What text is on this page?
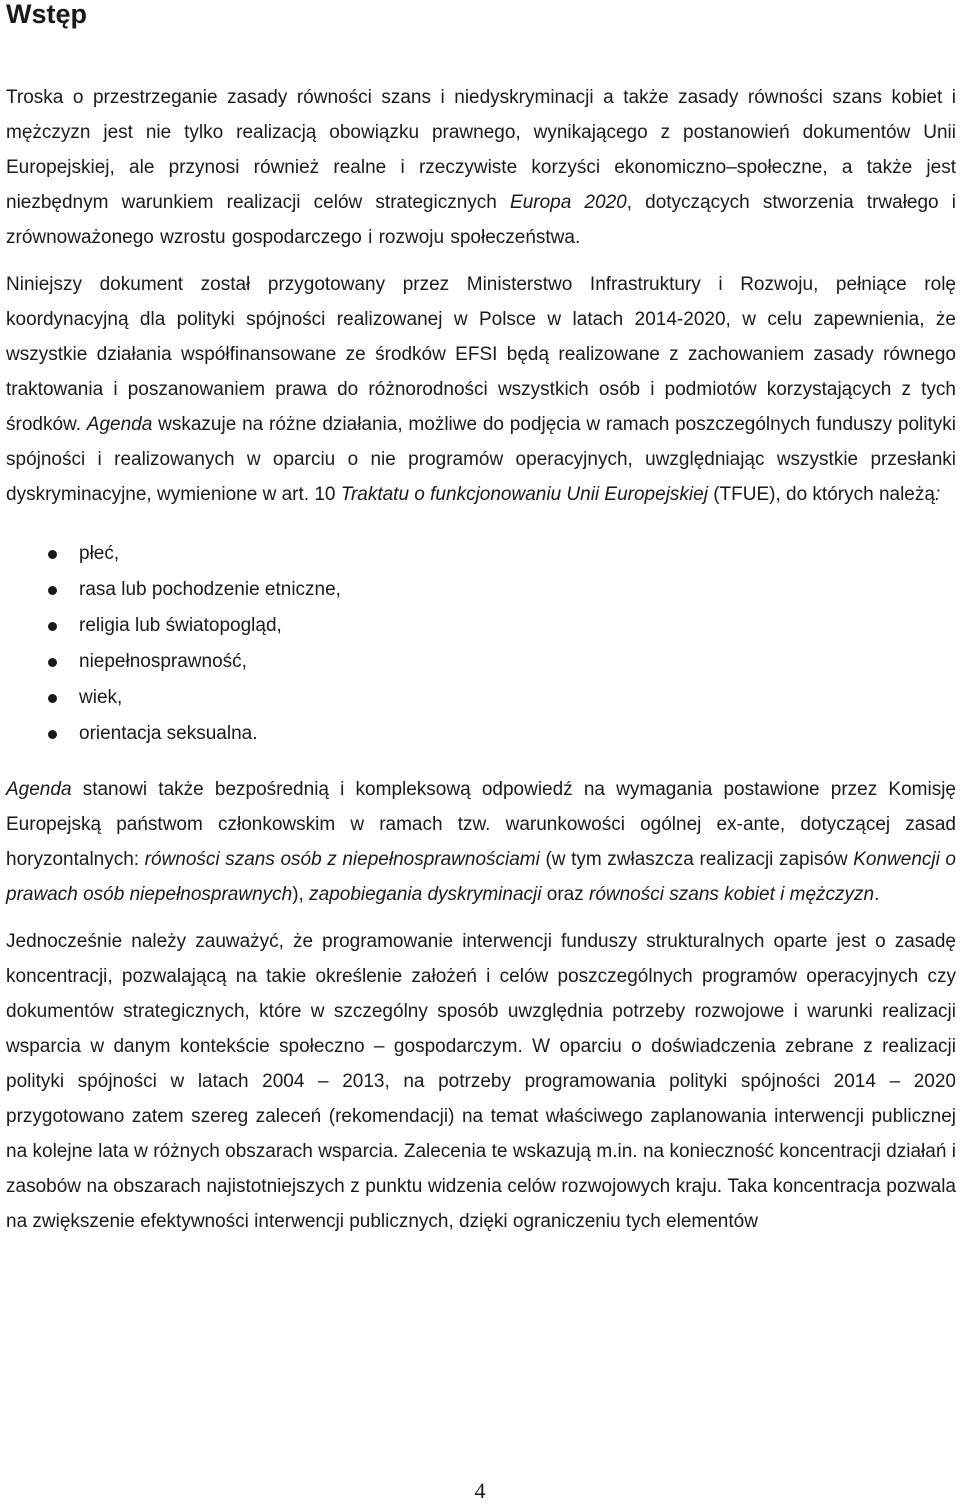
Wstęp

Troska o przestrzeganie zasady równości szans i niedyskryminacji a także zasady równości szans kobiet i mężczyzn jest nie tylko realizacją obowiązku prawnego, wynikającego z postanowień dokumentów Unii Europejskiej, ale przynosi również realne i rzeczywiste korzyści ekonomiczno–społeczne, a także jest niezbędnym warunkiem realizacji celów strategicznych Europa 2020, dotyczących stworzenia trwałego i zrównoważonego wzrostu gospodarczego i rozwoju społeczeństwa.

Niniejszy dokument został przygotowany przez Ministerstwo Infrastruktury i Rozwoju, pełniące rolę koordynacyjną dla polityki spójności realizowanej w Polsce w latach 2014-2020, w celu zapewnienia, że wszystkie działania współfinansowane ze środków EFSI będą realizowane z zachowaniem zasady równego traktowania i poszanowaniem prawa do różnorodności wszystkich osób i podmiotów korzystających z tych środków. Agenda wskazuje na różne działania, możliwe do podjęcia w ramach poszczególnych funduszy polityki spójności i realizowanych w oparciu o nie programów operacyjnych, uwzględniając wszystkie przesłanki dyskryminacyjne, wymienione w art. 10 Traktatu o funkcjonowaniu Unii Europejskiej (TFUE), do których należą:

płeć,
rasa lub pochodzenie etniczne,
religia lub światopogląd,
niepełnosprawność,
wiek,
orientacja seksualna.

Agenda stanowi także bezpośrednią i kompleksową odpowiedź na wymagania postawione przez Komisję Europejską państwom członkowskim w ramach tzw. warunkowości ogólnej ex-ante, dotyczącej zasad horyzontalnych: równości szans osób z niepełnosprawnościami (w tym zwłaszcza realizacji zapisów Konwencji o prawach osób niepełnosprawnych), zapobiegania dyskryminacji oraz równości szans kobiet i mężczyzn.

Jednocześnie należy zauważyć, że programowanie interwencji funduszy strukturalnych oparte jest o zasadę koncentracji, pozwalającą na takie określenie założeń i celów poszczególnych programów operacyjnych czy dokumentów strategicznych, które w szczególny sposób uwzględnia potrzeby rozwojowe i warunki realizacji wsparcia w danym kontekście społeczno – gospodarczym. W oparciu o doświadczenia zebrane z realizacji polityki spójności w latach 2004 – 2013, na potrzeby programowania polityki spójności 2014 – 2020 przygotowano zatem szereg zaleceń (rekomendacji) na temat właściwego zaplanowania interwencji publicznej na kolejne lata w różnych obszarach wsparcia. Zalecenia te wskazują m.in. na konieczność koncentracji działań i zasobów na obszarach najistotniejszych z punktu widzenia celów rozwojowych kraju. Taka koncentracja pozwala na zwiększenie efektywności interwencji publicznych, dzięki ograniczeniu tych elementów

4
